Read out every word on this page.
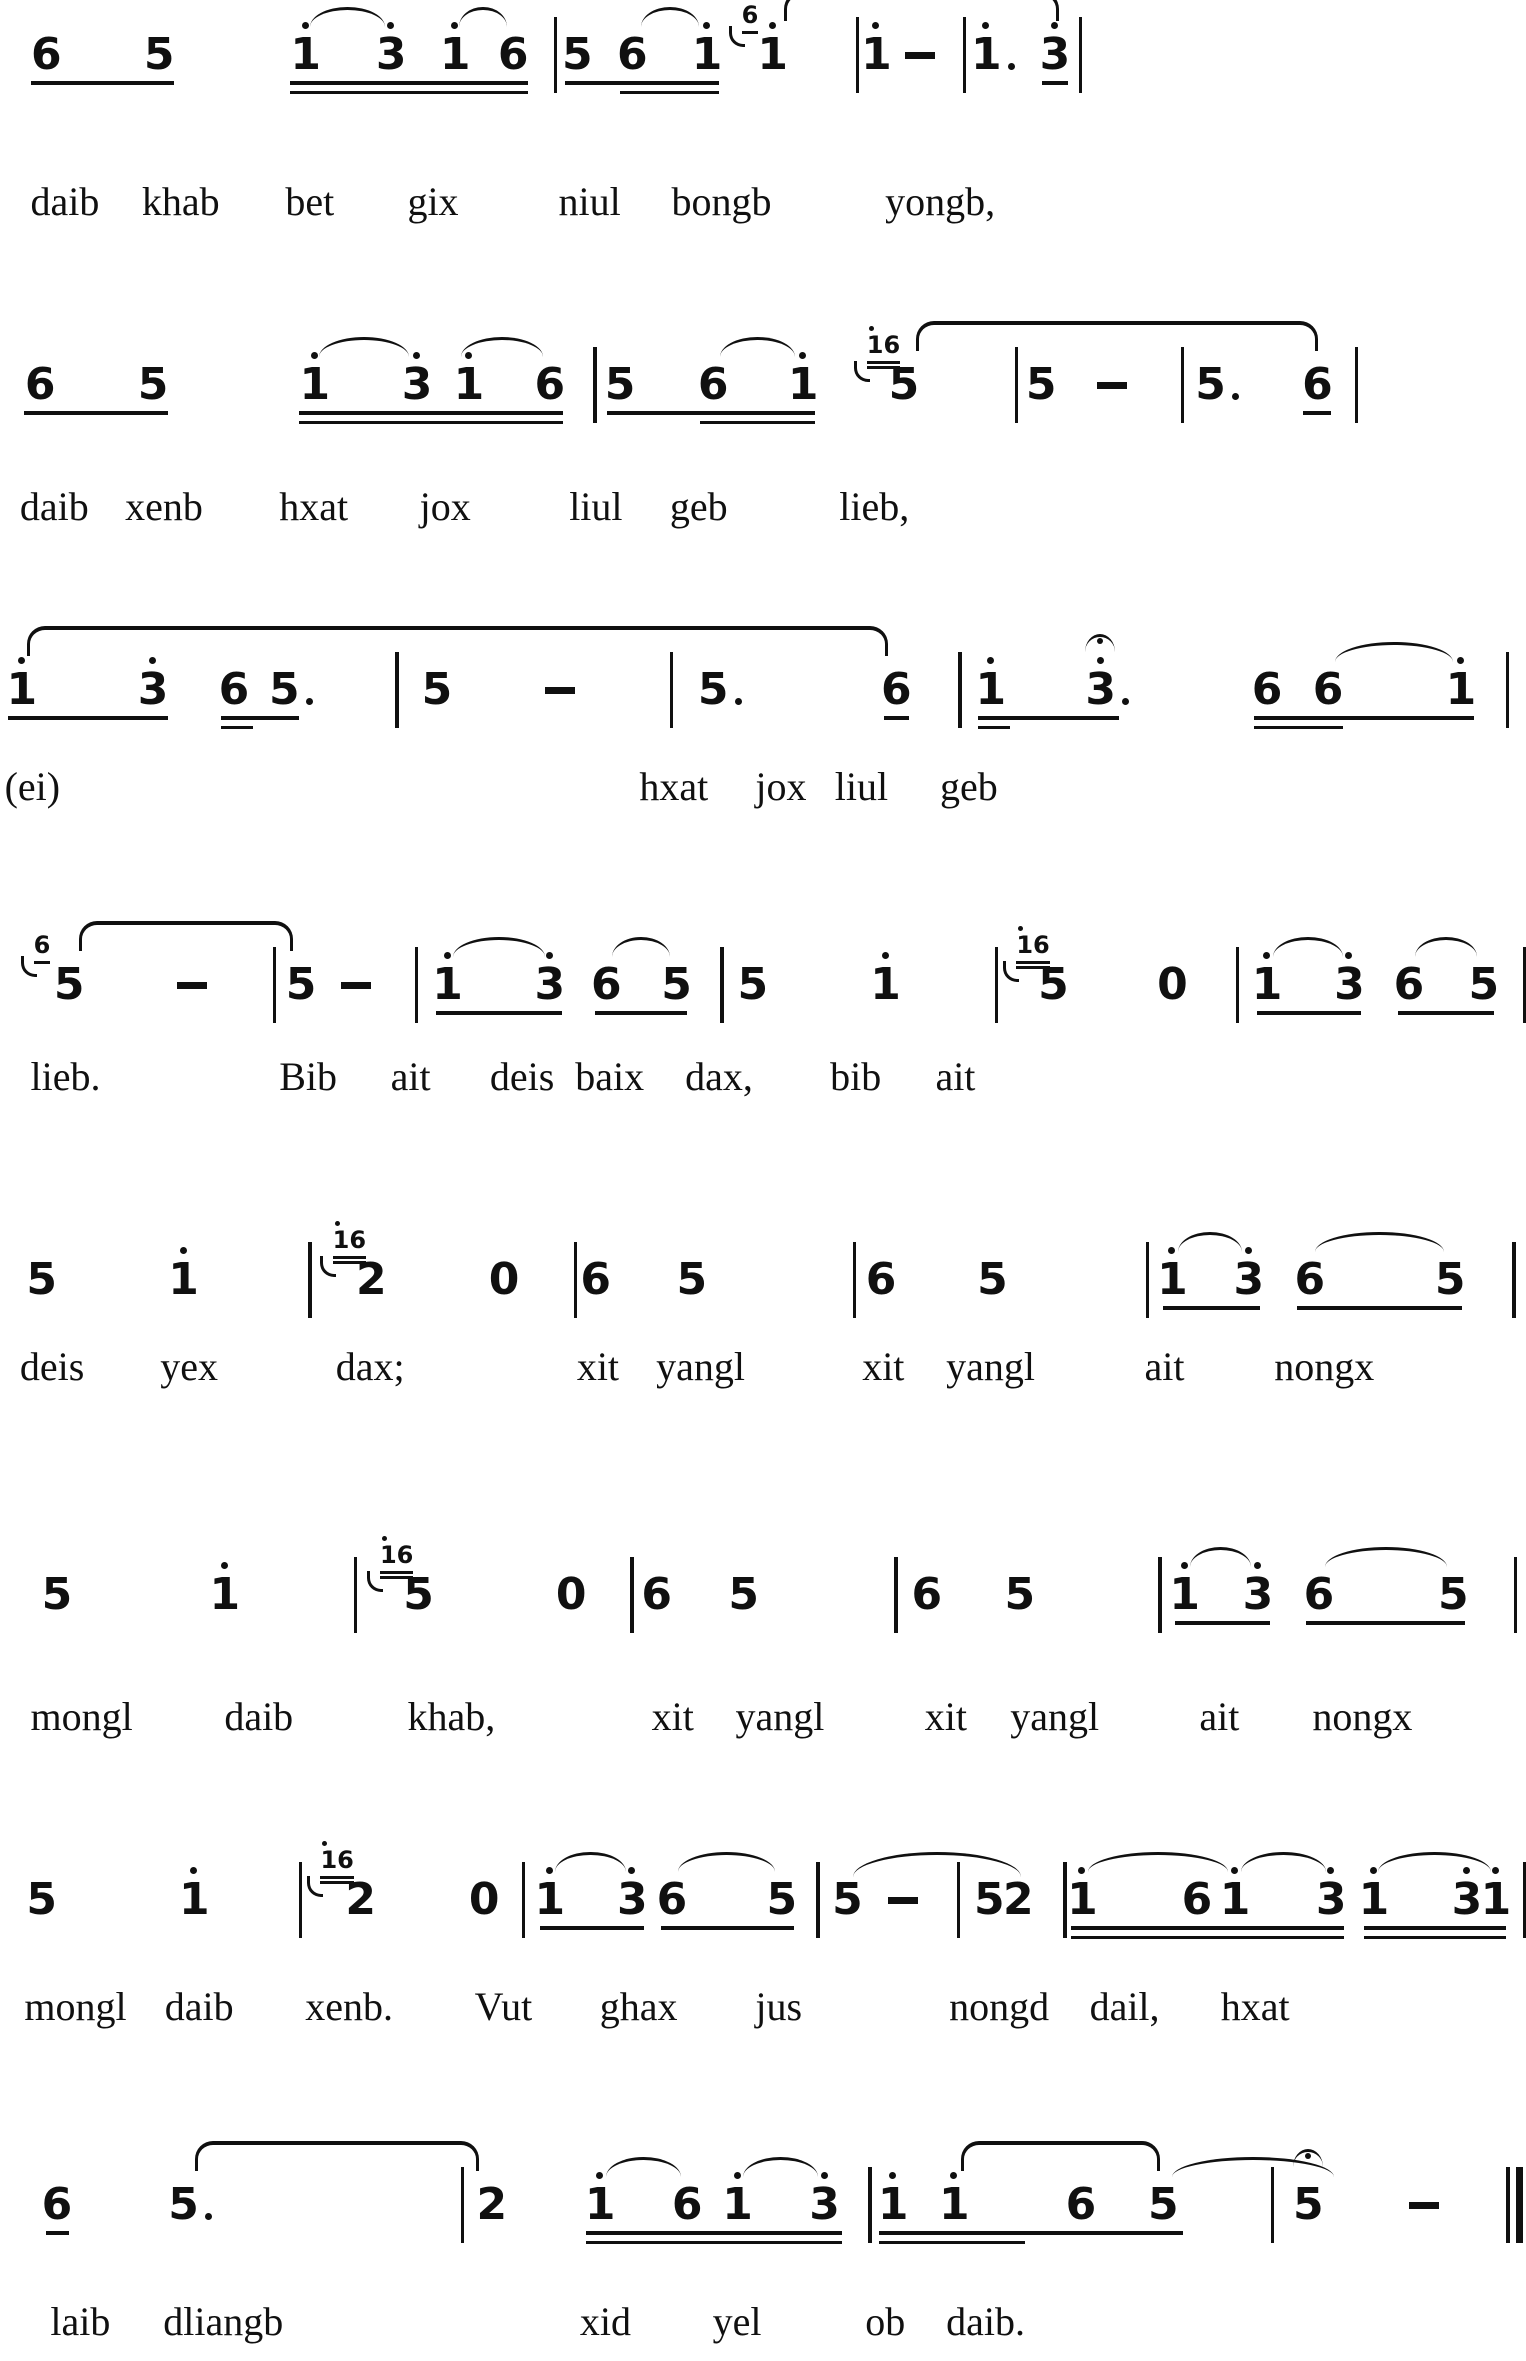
6 5	1 3 1 6 5 6 1
6
1 1 1 3
daib khab bet gix niul bongb	yongb,
6 5	1 3 1 6 5 6 1
16
5 5	5 6
daib xenb hxat jox liul geb	lieb,
1 3 6 5	5	5	6 1 3	6 6 1
(ei)	hxat jox liul geb
6
5	5	1 3 6 5 5 1
16
5 0 1 3 6 5
lieb.	Bib ait deis baix dax, bib ait
5	1
16
2 0 6 5	6 5	1 3 6	5
deis yex	dax;	xit yangl	xit yangl	ait nongx
5	1
16
5	0 6 5	6 5	1 3 6 5
mongl daib	khab,	xit yangl	xit yangl	ait nongx
5	1
16
2 0 1 3 6 5 5	5 2 1 6 1 3 1 3 1
mongl daib xenb. Vut ghax jus	nongd dail, hxat
6 5	2 1 6 1 3 1 1 6 5	5
laib dliangb	xid yel	ob daib.
